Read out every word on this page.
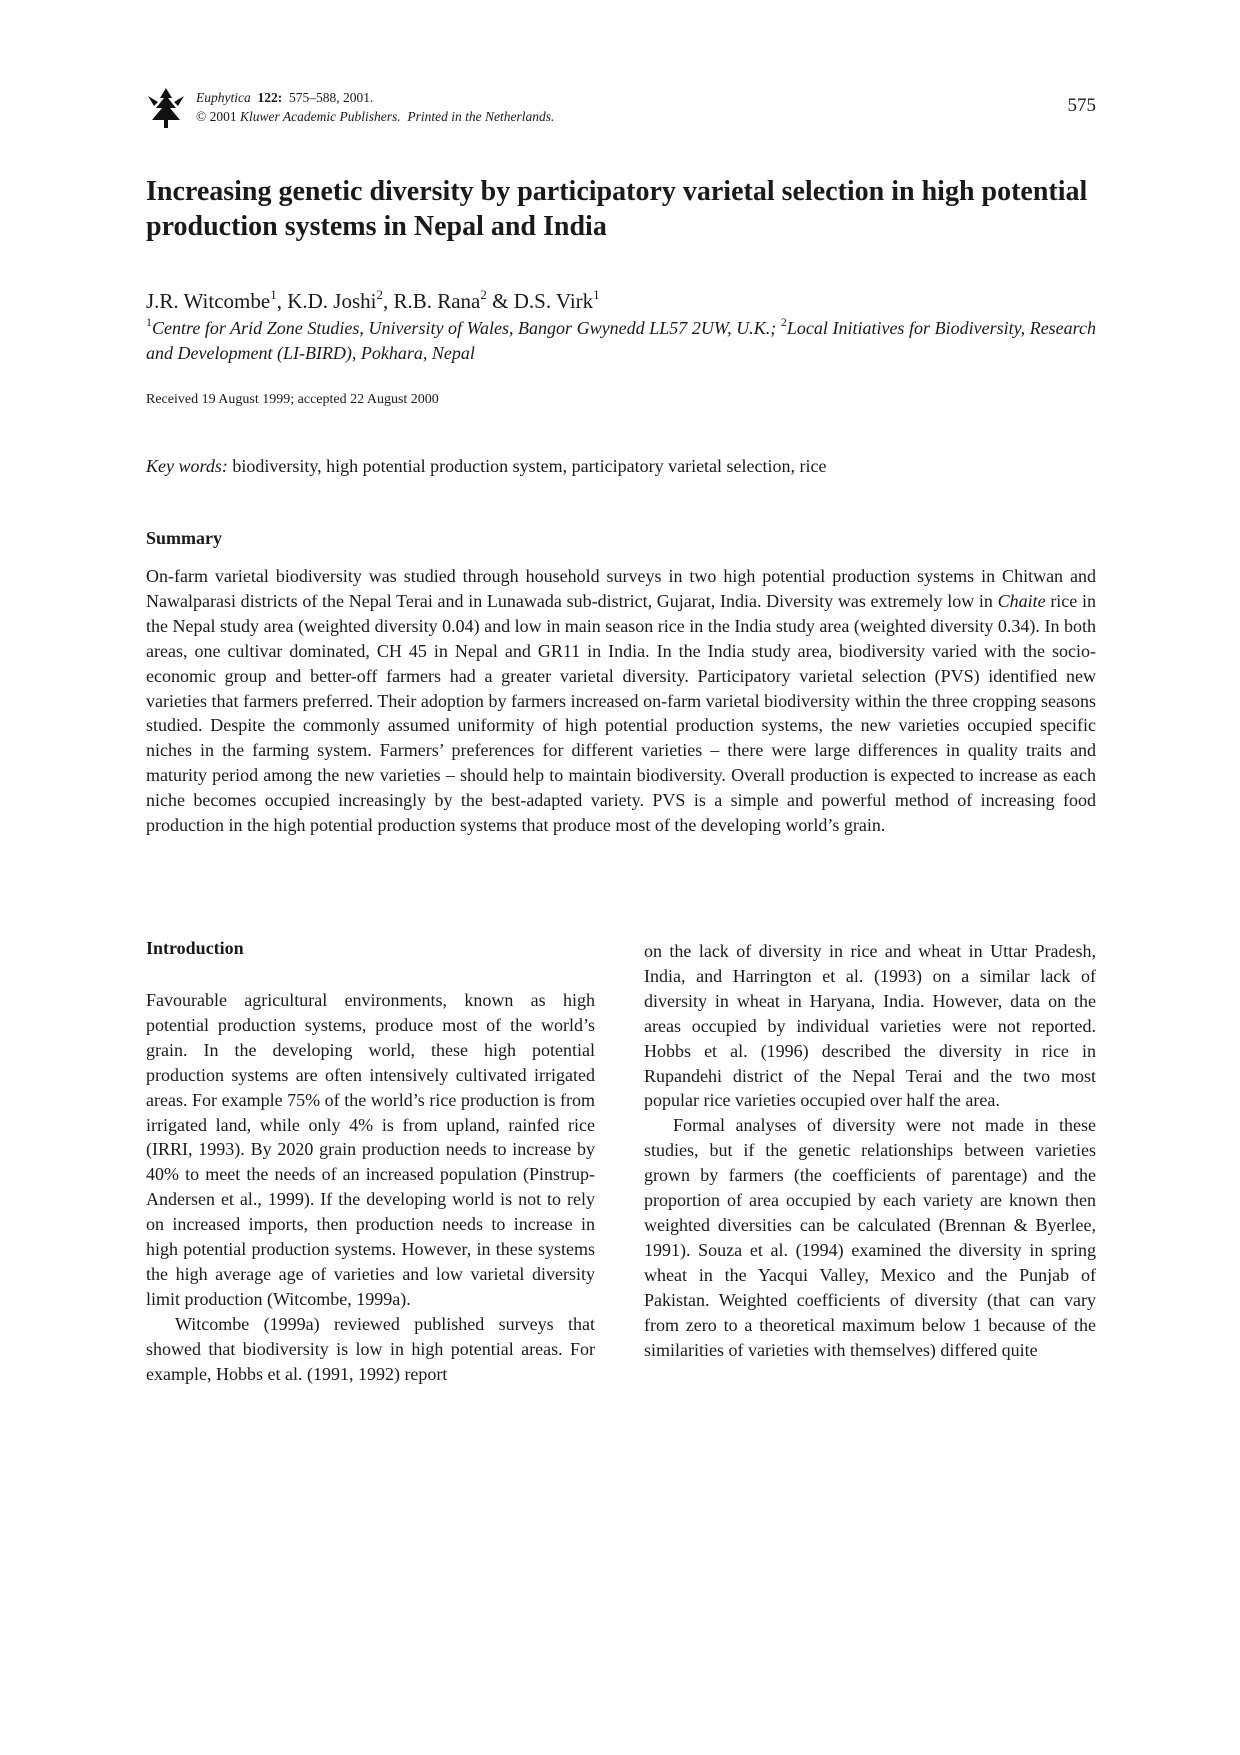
Euphytica 122: 575–588, 2001.
© 2001 Kluwer Academic Publishers. Printed in the Netherlands.
575
Increasing genetic diversity by participatory varietal selection in high potential production systems in Nepal and India
J.R. Witcombe$^1$, K.D. Joshi$^2$, R.B. Rana$^2$ & D.S. Virk$^1$
$^1$Centre for Arid Zone Studies, University of Wales, Bangor Gwynedd LL57 2UW, U.K.; $^2$Local Initiatives for Biodiversity, Research and Development (LI-BIRD), Pokhara, Nepal
Received 19 August 1999; accepted 22 August 2000
Key words: biodiversity, high potential production system, participatory varietal selection, rice
Summary
On-farm varietal biodiversity was studied through household surveys in two high potential production systems in Chitwan and Nawalparasi districts of the Nepal Terai and in Lunawada sub-district, Gujarat, India. Diversity was extremely low in Chaite rice in the Nepal study area (weighted diversity 0.04) and low in main season rice in the India study area (weighted diversity 0.34). In both areas, one cultivar dominated, CH 45 in Nepal and GR11 in India. In the India study area, biodiversity varied with the socio-economic group and better-off farmers had a greater varietal diversity. Participatory varietal selection (PVS) identified new varieties that farmers preferred. Their adoption by farmers increased on-farm varietal biodiversity within the three cropping seasons studied. Despite the commonly assumed uniformity of high potential production systems, the new varieties occupied specific niches in the farming system. Farmers’ preferences for different varieties – there were large differences in quality traits and maturity period among the new varieties – should help to maintain biodiversity. Overall production is expected to increase as each niche becomes occupied increasingly by the best-adapted variety. PVS is a simple and powerful method of increasing food production in the high potential production systems that produce most of the developing world’s grain.
Introduction

Favourable agricultural environments, known as high potential production systems, produce most of the world’s grain. In the developing world, these high potential production systems are often intensively cultivated irrigated areas. For example 75% of the world’s rice production is from irrigated land, while only 4% is from upland, rainfed rice (IRRI, 1993). By 2020 grain production needs to increase by 40% to meet the needs of an increased population (Pinstrup-Andersen et al., 1999). If the developing world is not to rely on increased imports, then production needs to increase in high potential production systems. However, in these systems the high average age of varieties and low varietal diversity limit production (Witcombe, 1999a).

Witcombe (1999a) reviewed published surveys that showed that biodiversity is low in high potential areas. For example, Hobbs et al. (1991, 1992) report

on the lack of diversity in rice and wheat in Uttar Pradesh, India, and Harrington et al. (1993) on a similar lack of diversity in wheat in Haryana, India. However, data on the areas occupied by individual varieties were not reported. Hobbs et al. (1996) described the diversity in rice in Rupandehi district of the Nepal Terai and the two most popular rice varieties occupied over half the area.

Formal analyses of diversity were not made in these studies, but if the genetic relationships between varieties grown by farmers (the coefficients of parentage) and the proportion of area occupied by each variety are known then weighted diversities can be calculated (Brennan & Byerlee, 1991). Souza et al. (1994) examined the diversity in spring wheat in the Yacqui Valley, Mexico and the Punjab of Pakistan. Weighted coefficients of diversity (that can vary from zero to a theoretical maximum below 1 because of the similarities of varieties with themselves) differed quite
